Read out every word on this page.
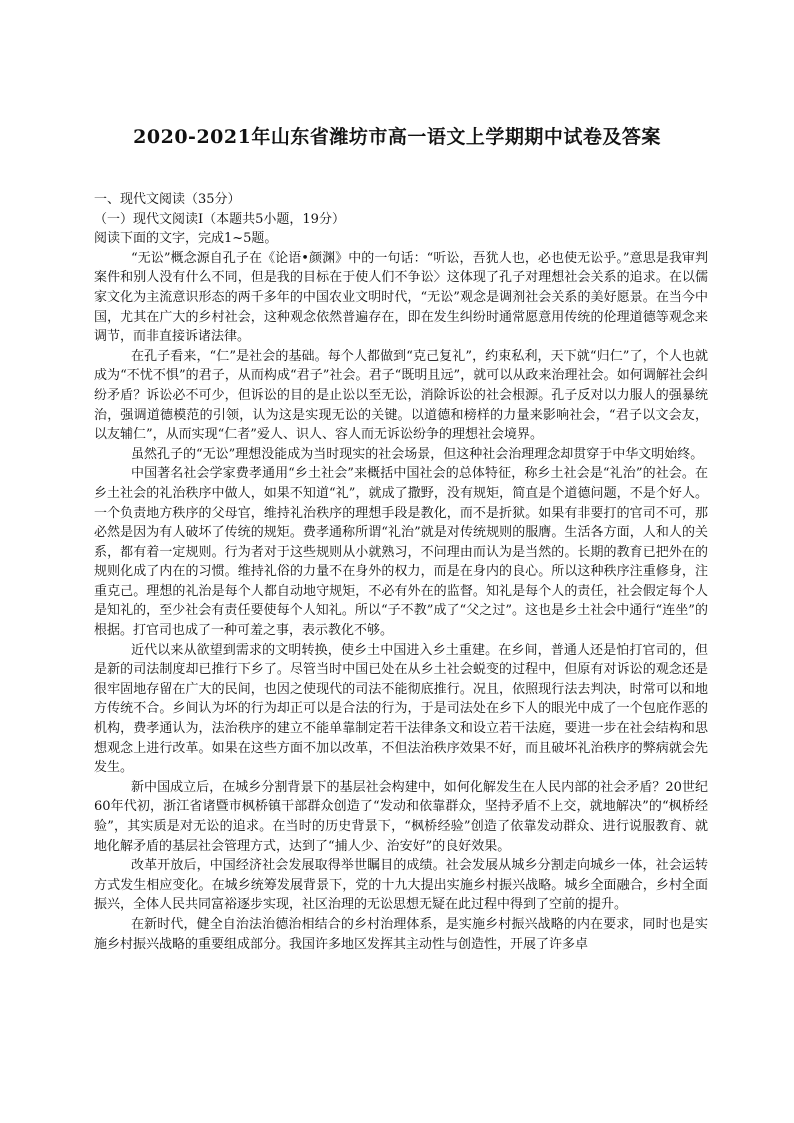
2020-2021年山东省潍坊市高一语文上学期期中试卷及答案

一、现代文阅读（35分）

（一）现代文阅读Ⅰ（本题共5小题，19分）

阅读下面的文字，完成1~5题。

“无讼”概念源自孔子在《论语•颜渊》中的一句话：“听讼，吾犹人也，必也使无讼乎。”意思是我审判案件和别人没有什么不同，但是我的目标在于使人们不争讼〉这体现了孔子对理想社会关系的追求。在以儒家文化为主流意识形态的两千多年的中国农业文明时代，“无讼”观念是调剂社会关系的美好愿景。在当今中国，尤其在广大的乡村社会，这种观念依然普遍存在，即在发生纠纷时通常愿意用传统的伦理道德等观念来调节，而非直接诉诸法律。

在孔子看来，“仁”是社会的基础。每个人都做到“克己复礼”，约束私利，天下就“归仁”了，个人也就成为“不忧不惧”的君子，从而构成“君子”社会。君子“既明且远”，就可以从政来治理社会。如何调解社会纠纷矛盾？诉讼必不可少，但诉讼的目的是止讼以至无讼，消除诉讼的社会根源。孔子反对以力服人的强暴统治，强调道德模范的引领，认为这是实现无讼的关键。以道德和榜样的力量来影响社会，“君子以文会友，以友辅仁”，从而实现“仁者”爱人、识人、容人而无诉讼纷争的理想社会境界。

虽然孔子的“无讼”理想没能成为当时现实的社会场景，但这种社会治理理念却贯穿于中华文明始终。

中国著名社会学家费孝通用“乡土社会”来概括中国社会的总体特征，称乡土社会是“礼治”的社会。在乡土社会的礼治秩序中做人，如果不知道“礼”，就成了撒野，没有规矩，简直是个道德问题，不是个好人。一个负责地方秩序的父母官，维持礼治秩序的理想手段是教化，而不是折狱。如果有非要打的官司不可，那必然是因为有人破坏了传统的规矩。费孝通称所谓“礼治”就是对传统规则的服膺。生活各方面，人和人的关系，都有着一定规则。行为者对于这些规则从小就熟习，不问理由而认为是当然的。长期的教育已把外在的规则化成了内在的习惯。维持礼俗的力量不在身外的权力，而是在身内的良心。所以这种秩序注重修身，注重克己。理想的礼治是每个人都自动地守规矩，不必有外在的监督。知礼是每个人的责任，社会假定每个人是知礼的，至少社会有责任要使每个人知礼。所以“子不教”成了“父之过”。这也是乡土社会中通行“连坐”的根据。打官司也成了一种可羞之事，表示教化不够。

近代以来从欲望到需求的文明转换，使乡土中国进入乡土重建。在乡间，普通人还是怕打官司的，但是新的司法制度却已推行下乡了。尽管当时中国已处在从乡土社会蜕变的过程中，但原有对诉讼的观念还是很牢固地存留在广大的民间，也因之使现代的司法不能彻底推行。况且，依照现行法去判决，时常可以和地方传统不合。乡间认为坏的行为却正可以是合法的行为，于是司法处在乡下人的眼光中成了一个包庇作恶的机构，费孝通认为，法治秩序的建立不能单靠制定若干法律条文和设立若干法庭，要进一步在社会结构和思想观念上进行改革。如果在这些方面不加以改革，不但法治秩序效果不好，而且破坏礼治秩序的弊病就会先发生。

新中国成立后，在城乡分割背景下的基层社会构建中，如何化解发生在人民内部的社会矛盾？20世纪60年代初，浙江省诸暨市枫桥镇干部群众创造了“发动和依靠群众，坚持矛盾不上交，就地解决”的“枫桥经验”，其实质是对无讼的追求。在当时的历史背景下，“枫桥经验”创造了依靠发动群众、进行说服教育、就地化解矛盾的基层社会管理方式，达到了“捕人少、治安好”的良好效果。

改革开放后，中国经济社会发展取得举世瞩目的成绩。社会发展从城乡分割走向城乡一体，社会运转方式发生相应变化。在城乡统筹发展背景下，党的十九大提出实施乡村振兴战略。城乡全面融合，乡村全面振兴，全体人民共同富裕逐步实现，社区治理的无讼思想无疑在此过程中得到了空前的提升。

在新时代，健全自治法治德治相结合的乡村治理体系，是实施乡村振兴战略的内在要求，同时也是实施乡村振兴战略的重要组成部分。我国许多地区发挥其主动性与创造性，开展了许多卓
